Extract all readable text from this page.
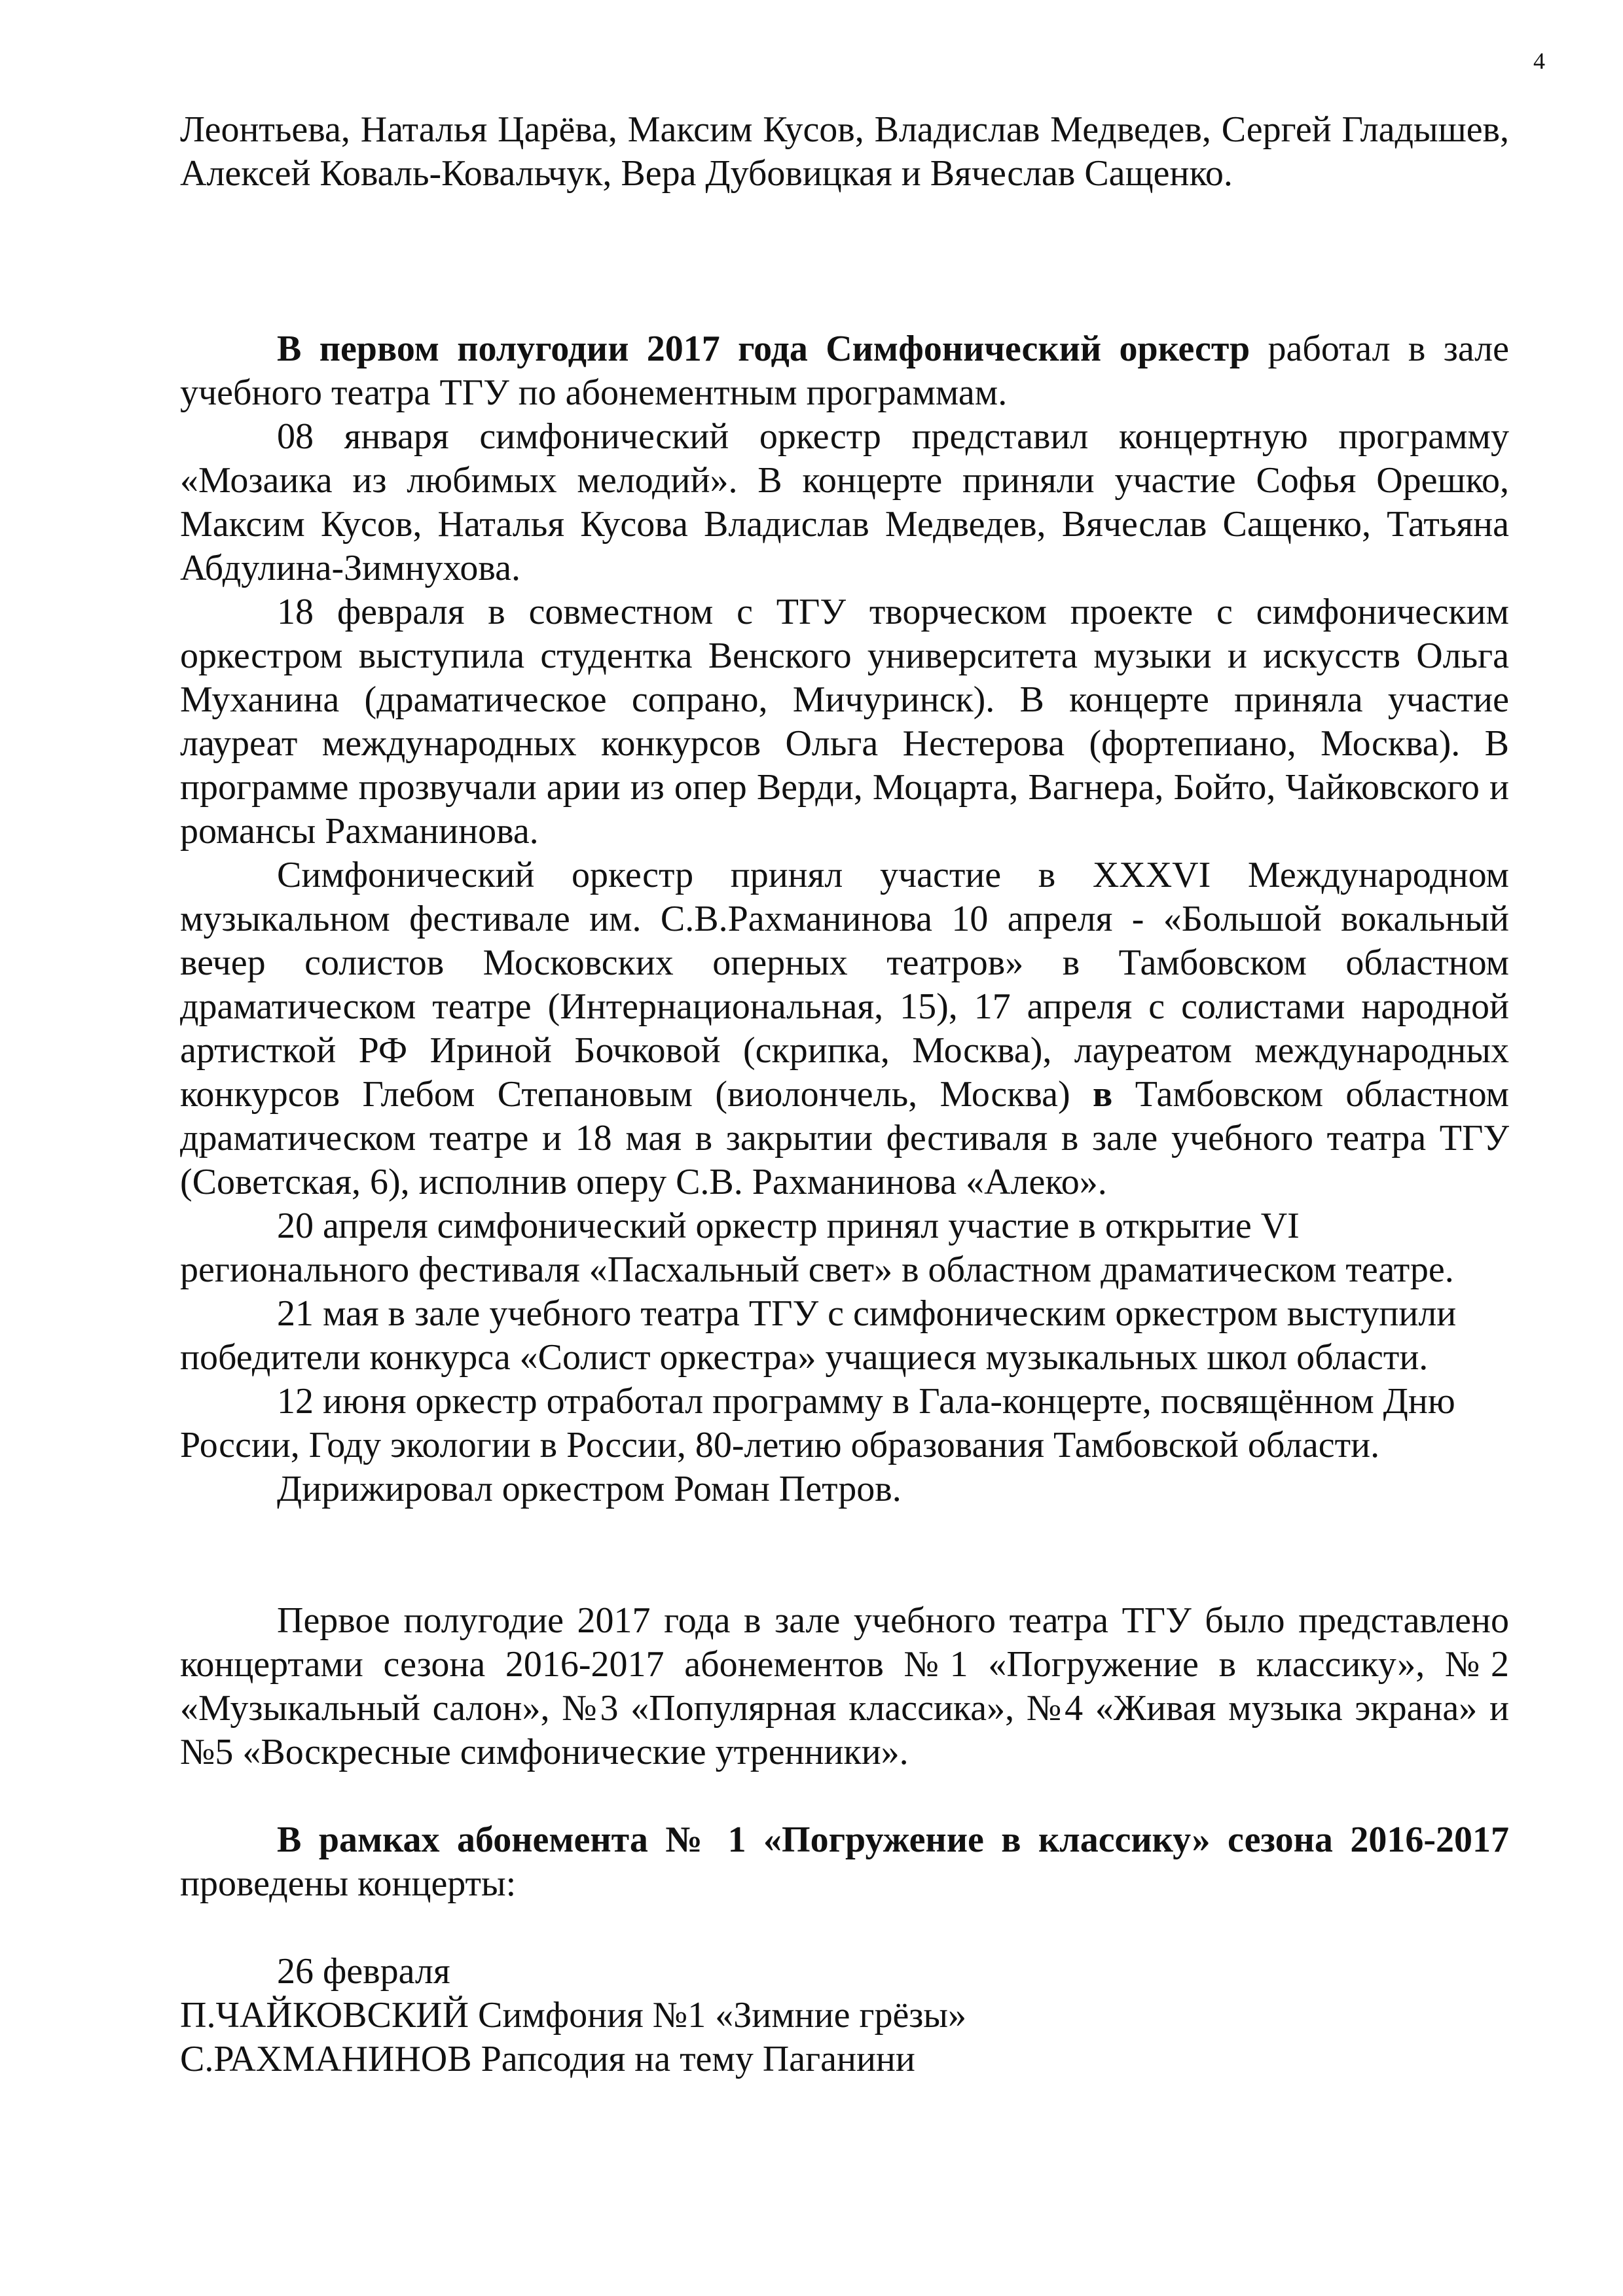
4

Леонтьева, Наталья Царёва, Максим Кусов, Владислав Медведев, Сергей Гладышев, Алексей Коваль-Ковальчук, Вера Дубовицкая и Вячеслав Сащенко.

В первом полугодии 2017 года Симфонический оркестр работал в зале учебного театра ТГУ по абонементным программам.

08 января симфонический оркестр представил концертную программу «Мозаика из любимых мелодий». В концерте приняли участие Софья Орешко, Максим Кусов, Наталья Кусова Владислав Медведев, Вячеслав Сащенко, Татьяна Абдулина-Зимнухова.

18 февраля в совместном с ТГУ творческом проекте с симфоническим оркестром выступила студентка Венского университета музыки и искусств Ольга Муханина (драматическое сопрано, Мичуринск). В концерте приняла участие лауреат международных конкурсов Ольга Нестерова (фортепиано, Москва). В программе прозвучали арии из опер Верди, Моцарта, Вагнера, Бойто, Чайковского и романсы Рахманинова.

Симфонический оркестр принял участие в XXXVI Международном музыкальном фестивале им. С.В.Рахманинова 10 апреля - «Большой вокальный вечер солистов Московских оперных театров» в Тамбовском областном драматическом театре (Интернациональная, 15), 17 апреля с солистами народной артисткой РФ Ириной Бочковой (скрипка, Москва), лауреатом международных конкурсов Глебом Степановым (виолончель, Москва) в Тамбовском областном драматическом театре и 18 мая в закрытии фестиваля в зале учебного театра ТГУ (Советская, 6), исполнив оперу С.В. Рахманинова «Алеко».

20 апреля симфонический оркестр принял участие в открытие VI регионального фестиваля «Пасхальный свет» в областном драматическом театре.

21 мая в зале учебного театра ТГУ с симфоническим оркестром выступили победители конкурса «Солист оркестра» учащиеся музыкальных школ области.

12 июня оркестр отработал программу в Гала-концерте, посвящённом Дню России, Году экологии в России, 80-летию образования Тамбовской области.

Дирижировал оркестром Роман Петров.

Первое полугодие 2017 года в зале учебного театра ТГУ было представлено концертами сезона 2016-2017 абонементов №1 «Погружение в классику», №2 «Музыкальный салон», №3 «Популярная классика», №4 «Живая музыка экрана» и №5 «Воскресные симфонические утренники».

В рамках абонемента № 1 «Погружение в классику» сезона 2016-2017 проведены концерты:

26 февраля

П.ЧАЙКОВСКИЙ Симфония №1 «Зимние грёзы»

С.РАХМАНИНОВ Рапсодия на тему Паганини
